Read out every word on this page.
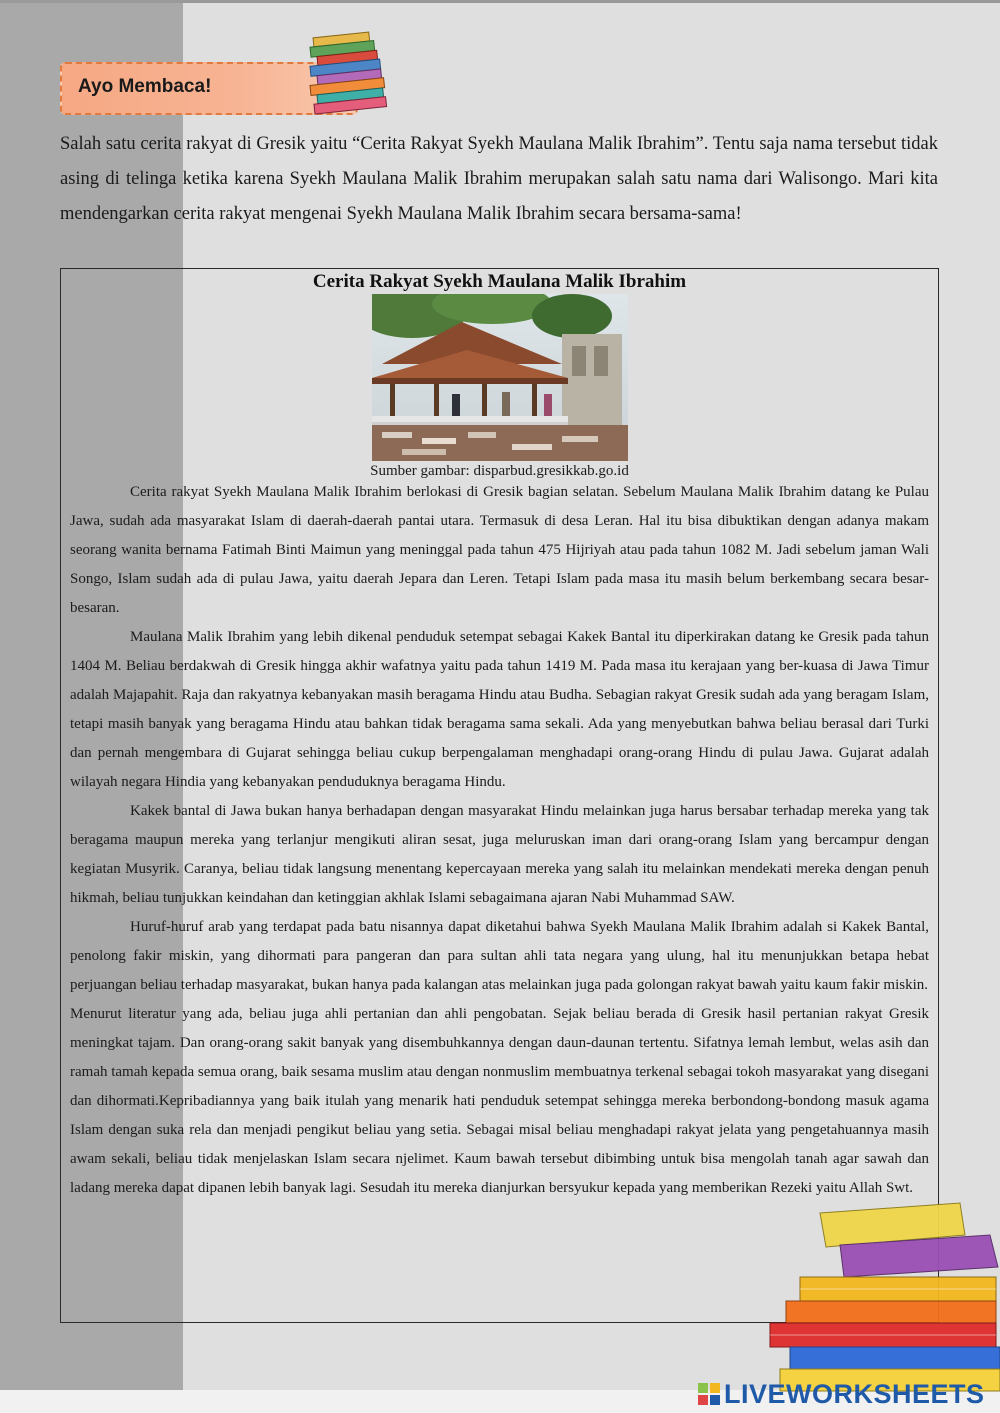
Ayo Membaca!
Salah satu cerita rakyat di Gresik yaitu “Cerita Rakyat Syekh Maulana Malik Ibrahim”. Tentu saja nama tersebut tidak asing di telinga ketika karena Syekh Maulana Malik Ibrahim merupakan salah satu nama dari Walisongo. Mari kita mendengarkan cerita rakyat mengenai Syekh Maulana Malik Ibrahim secara bersama-sama!
Cerita Rakyat Syekh Maulana Malik Ibrahim
Sumber gambar: disparbud.gresikkab.go.id

Cerita rakyat Syekh Maulana Malik Ibrahim berlokasi di Gresik bagian selatan. Sebelum Maulana Malik Ibrahim datang ke Pulau Jawa, sudah ada masyarakat Islam di daerah-daerah pantai utara. Termasuk di desa Leran. Hal itu bisa dibuktikan dengan adanya makam seorang wanita bernama Fatimah Binti Maimun yang meninggal pada tahun 475 Hijriyah atau pada tahun 1082 M. Jadi sebelum jaman Wali Songo, Islam sudah ada di pulau Jawa, yaitu daerah Jepara dan Leren. Tetapi Islam pada masa itu masih belum berkembang secara besar-besaran.

Maulana Malik Ibrahim yang lebih dikenal penduduk setempat sebagai Kakek Bantal itu diperkirakan datang ke Gresik pada tahun 1404 M. Beliau berdakwah di Gresik hingga akhir wafatnya yaitu pada tahun 1419 M. Pada masa itu kerajaan yang ber-kuasa di Jawa Timur adalah Majapahit. Raja dan rakyatnya kebanyakan masih beragama Hindu atau Budha. Sebagian rakyat Gresik sudah ada yang beragam Islam, tetapi masih banyak yang beragama Hindu atau bahkan tidak beragama sama sekali. Ada yang menyebutkan bahwa beliau berasal dari Turki dan pernah mengembara di Gujarat sehingga beliau cukup berpengalaman menghadapi orang-orang Hindu di pulau Jawa. Gujarat adalah wilayah negara Hindia yang kebanyakan penduduknya beragama Hindu.

Kakek bantal di Jawa bukan hanya berhadapan dengan masyarakat Hindu melainkan juga harus bersabar terhadap mereka yang tak beragama maupun mereka yang terlanjur mengikuti aliran sesat, juga meluruskan iman dari orang-orang Islam yang bercampur dengan kegiatan Musyrik. Caranya, beliau tidak langsung menentang kepercayaan mereka yang salah itu melainkan mendekati mereka dengan penuh hikmah, beliau tunjukkan keindahan dan ketinggian akhlak Islami sebagaimana ajaran Nabi Muhammad SAW.

Huruf-huruf arab yang terdapat pada batu nisannya dapat diketahui bahwa Syekh Maulana Malik Ibrahim adalah si Kakek Bantal, penolong fakir miskin, yang dihormati para pangeran dan para sultan ahli tata negara yang ulung, hal itu menunjukkan betapa hebat perjuangan beliau terhadap masyarakat, bukan hanya pada kalangan atas melainkan juga pada golongan rakyat bawah yaitu kaum fakir miskin.

Menurut literatur yang ada, beliau juga ahli pertanian dan ahli pengobatan. Sejak beliau berada di Gresik hasil pertanian rakyat Gresik meningkat tajam. Dan orang-orang sakit banyak yang disembuhkannya dengan daun-daunan tertentu. Sifatnya lemah lembut, welas asih dan ramah tamah kepada semua orang, baik sesama muslim atau dengan nonmuslim membuatnya terkenal sebagai tokoh masyarakat yang disegani dan dihormati.Kepribadiannya yang baik itulah yang menarik hati penduduk setempat sehingga mereka berbondong-bondong masuk agama Islam dengan suka rela dan menjadi pengikut beliau yang setia. Sebagai misal beliau menghadapi rakyat jelata yang pengetahuannya masih awam sekali, beliau tidak menjelaskan Islam secara njelimet. Kaum bawah tersebut dibimbing untuk bisa mengolah tanah agar sawah dan ladang mereka dapat dipanen lebih banyak lagi. Sesudah itu mereka dianjurkan bersyukur kepada yang memberikan Rezeki yaitu Allah Swt.

LIVEWORKSHEETS
